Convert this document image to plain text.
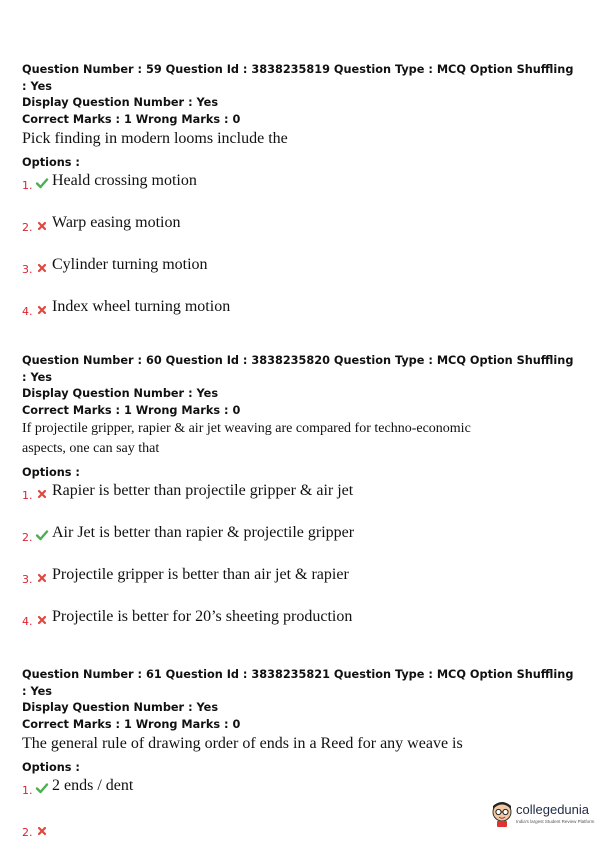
Question Number : 59 Question Id : 3838235819 Question Type : MCQ Option Shuffling : Yes

Display Question Number : Yes

Correct Marks : 1 Wrong Marks : 0

Pick finding in modern looms include the

Options :

1. Heald crossing motion
2. Warp easing motion
3. Cylinder turning motion
4. Index wheel turning motion

Question Number : 60 Question Id : 3838235820 Question Type : MCQ Option Shuffling : Yes

Display Question Number : Yes

Correct Marks : 1 Wrong Marks : 0

If projectile gripper, rapier & air jet weaving are compared for techno-economic
aspects, one can say that

Options :

1. Rapier is better than projectile gripper & air jet
2. Air Jet is better than rapier & projectile gripper
3. Projectile gripper is better than air jet & rapier
4. Projectile is better for 20’s sheeting production

Question Number : 61 Question Id : 3838235821 Question Type : MCQ Option Shuffling : Yes

Display Question Number : Yes

Correct Marks : 1 Wrong Marks : 0

The general rule of drawing order of ends in a Reed for any weave is

Options :

1. 2 ends / dent
2.
collegedunia
India's largest Student Review Platform
